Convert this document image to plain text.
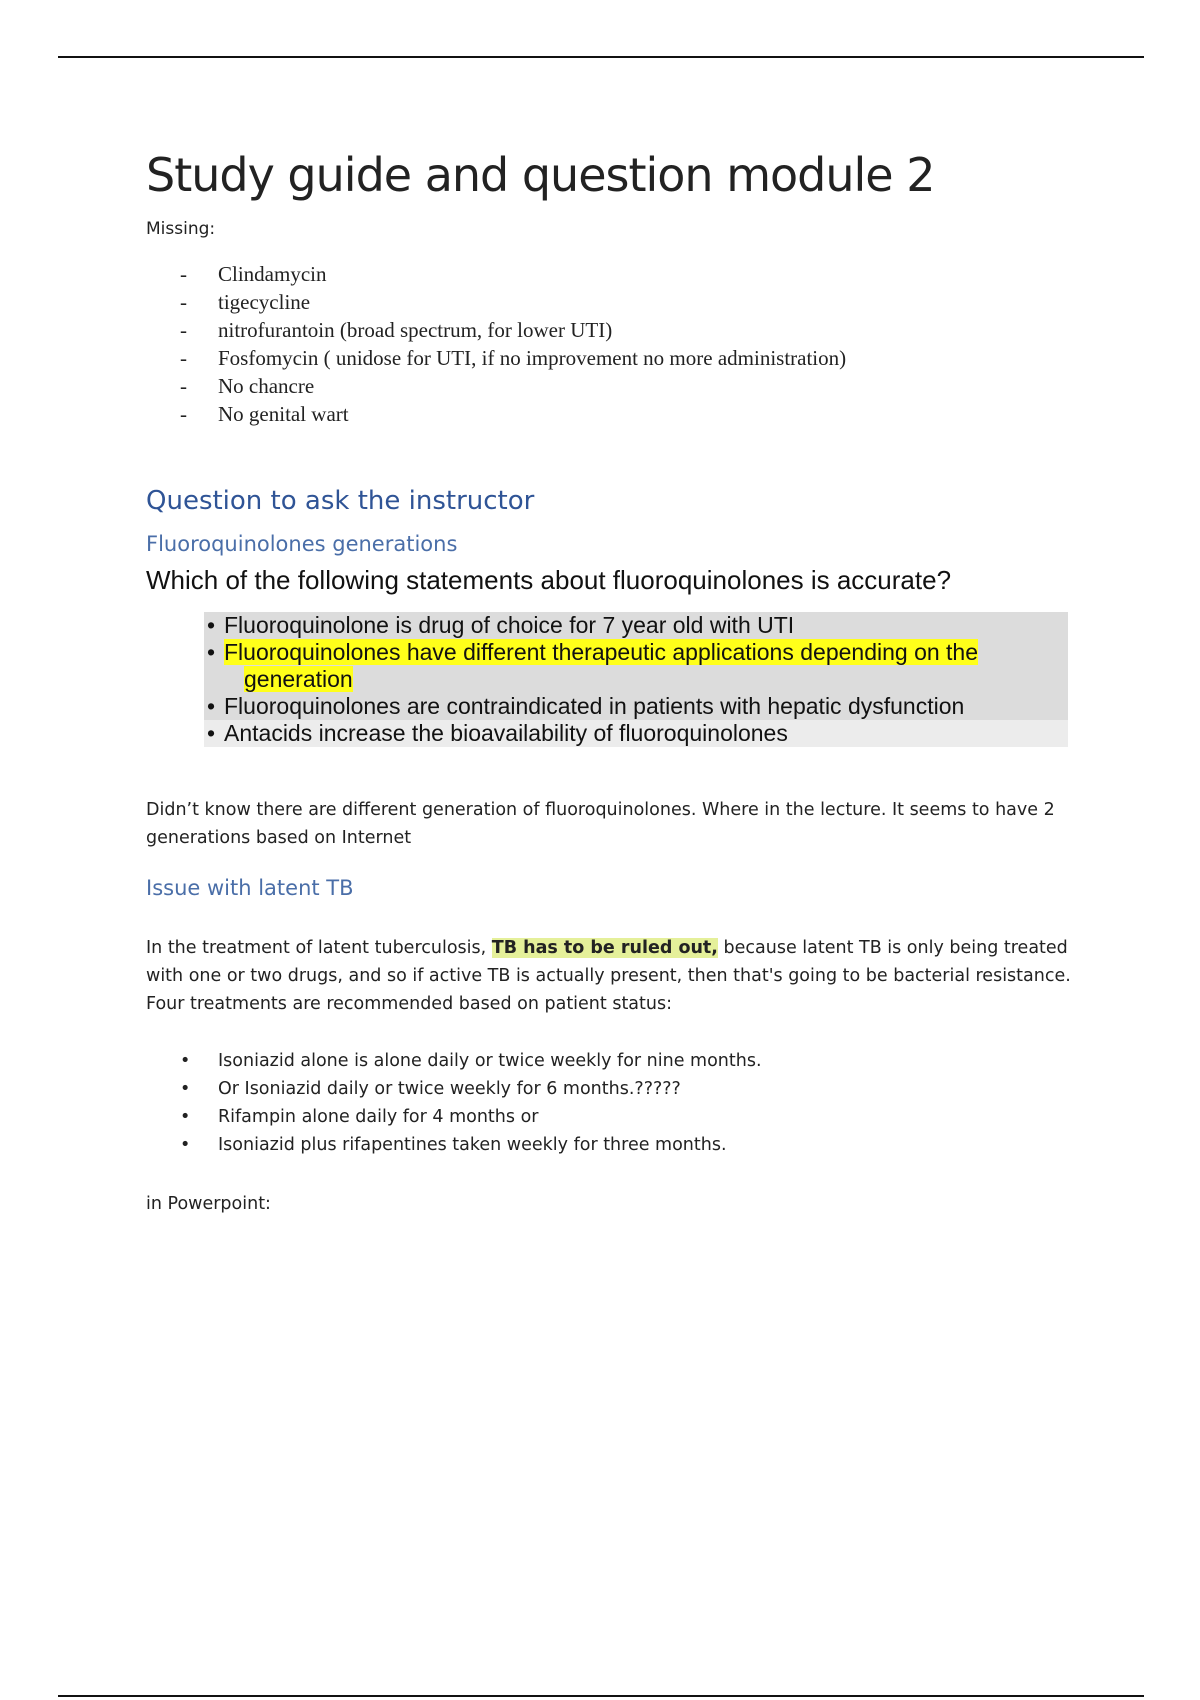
Study guide and question module 2

Missing:

- Clindamycin
- tigecycline
- nitrofurantoin (broad spectrum, for lower UTI)
- Fosfomycin ( unidose for UTI, if no improvement no more administration)
- No chancre
- No genital wart
Question to ask the instructor
Fluoroquinolones generations

Which of the following statements about fluoroquinolones is accurate?

• Fluoroquinolone is drug of choice for 7 year old with UTI
• Fluoroquinolones have different therapeutic applications depending on the
generation
• Fluoroquinolones are contraindicated in patients with hepatic dysfunction
• Antacids increase the bioavailability of fluoroquinolones

Didn’t know there are different generation of fluoroquinolones. Where in the lecture. It seems to have 2 generations based on Internet

Issue with latent TB

In the treatment of latent tuberculosis, TB has to be ruled out, because latent TB is only being treated with one or two drugs, and so if active TB is actually present, then that's going to be bacterial resistance. Four treatments are recommended based on patient status:

• Isoniazid alone is alone daily or twice weekly for nine months.
• Or Isoniazid daily or twice weekly for 6 months.?????
• Rifampin alone daily for 4 months or
• Isoniazid plus rifapentines taken weekly for three months.

in Powerpoint:
